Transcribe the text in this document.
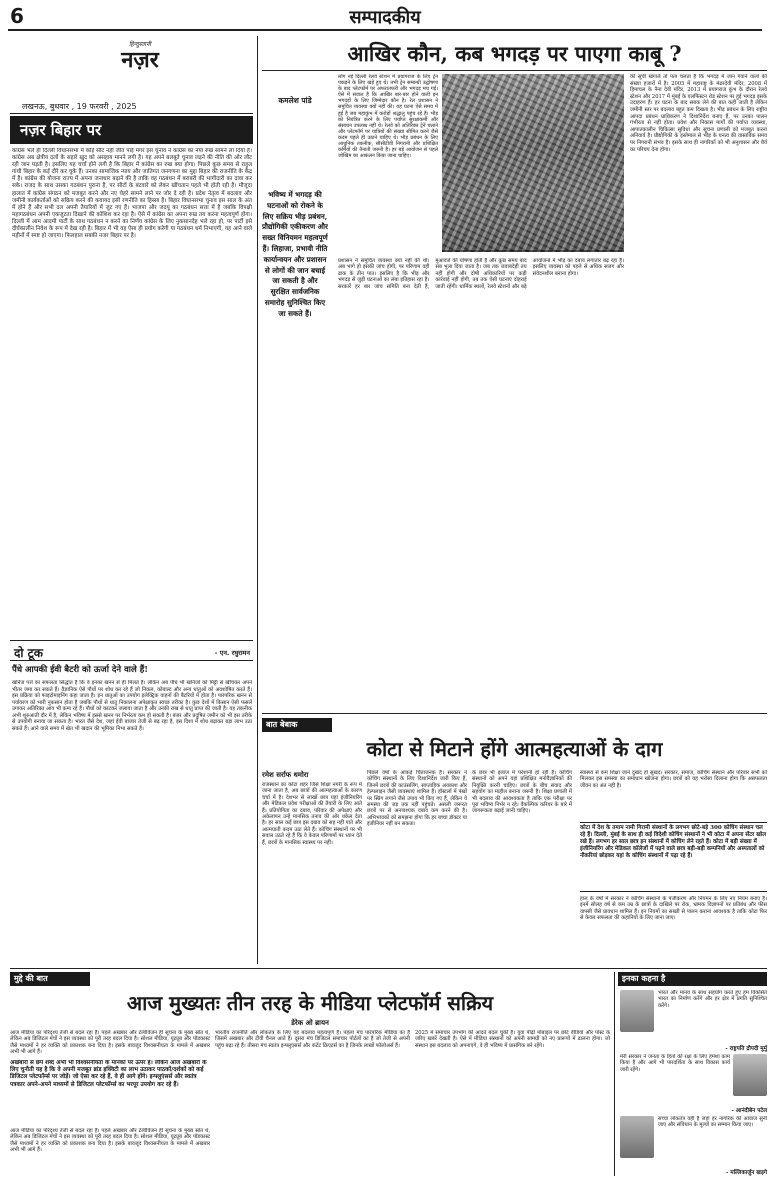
6	सम्पादकीय
हिन्दुस्तानी
नज़र
लखनऊ, बुधवार , 19 फरवरी , 2025
नज़र बिहार पर
कांग्रेस भले ही दिल्ली विधानसभा में कोई सीट नहीं जीत पाई मगर इस चुनाव ने कांग्रेस का नया रुख सामने ला दिया है। कांग्रेस अब क्षेत्रीय दलों के सहारे खुद को असहाय मानने लगी है। यह अपने बलबूते चुनाव लड़ने की नीति की ओर लौट रही जान पड़ती है। इसलिए यह चर्चा होने लगी है कि बिहार में कांग्रेस का रुख क्या होगा। पिछले कुछ समय से राहुल गांधी बिहार के कई दौरे कर चुके हैं। उनका सामाजिक न्याय और जातिगत जनगणना का मुद्दा बिहार की राजनीति के केंद्र में है। कांग्रेस की योजना राज्य में अपना जनाधार बढ़ाने की है ताकि वह गठबंधन में बराबरी की भागीदारी का दावा कर सके। राजद के साथ उसका गठबंधन पुराना है, पर सीटों के बंटवारे को लेकर खींचतान पहले भी होती रही है। मौजूदा हालात में कांग्रेस संगठन को मजबूत करने और नए चेहरे सामने लाने पर जोर दे रही है। प्रदेश नेतृत्व में बदलाव और जमीनी कार्यकर्ताओं को सक्रिय करने की कवायद इसी रणनीति का हिस्सा है। बिहार विधानसभा चुनाव इस साल के अंत में होने हैं और सभी दल अपनी तैयारियों में जुट गए हैं। भाजपा और जदयू का गठबंधन सत्ता में है जबकि विपक्षी महागठबंधन अपनी एकजुटता दिखाने की कोशिश कर रहा है। ऐसे में कांग्रेस का अपना रुख तय करना महत्वपूर्ण होगा। दिल्ली में आम आदमी पार्टी के साथ गठबंधन न करने का निर्णय कांग्रेस के लिए नुकसानदेह भले रहा हो, पर पार्टी इसे दीर्घकालीन निवेश के रूप में देख रही है। बिहार में भी वह ऐसा ही प्रयोग करेगी या गठबंधन धर्म निभाएगी, यह आने वाले महीनों में स्पष्ट हो जाएगा। फिलहाल सबकी नजर बिहार पर है।
आखिर कौन, कब भगदड़ पर पाएगा काबू ?
कमलेश पांडे
भविष्य में भगदड़ की घटनाओं को रोकने के लिए सक्रिय भीड़ प्रबंधन, प्रौद्योगिकी एकीकरण और सख्त विनियमन महत्वपूर्ण हैं। लिहाजा, प्रभावी नीति कार्यान्वयन और प्रशासन से लोगों की जान बचाई जा सकती है और सुरक्षित सार्वजनिक समारोह सुनिश्चित किए जा सकते हैं।
लोग नई दिल्ली रेलवे स्टेशन में प्रयागराज के लिए ट्रेन पकड़ने के लिए खड़े हुए थे। तभी ट्रेन सम्बन्धी उद्घोषणा के बाद प्लेटफॉर्म पर अफरातफरी और भगदड़ मच गई। ऐसे में सवाल है कि आखिर बार-बार होने वाली इन भगदड़ों के लिए जिम्मेदार कौन है। रेल प्रशासन ने समुचित व्यवस्था क्यों नहीं की। यह घटना ऐसे समय में हुई है जब महाकुंभ में करोड़ों श्रद्धालु पहुंच रहे हैं। भीड़ को नियंत्रित करने के लिए पर्याप्त सुरक्षाकर्मी और संसाधन उपलब्ध नहीं थे। रेलवे को अतिरिक्त ट्रेनें चलाने और प्लेटफॉर्म पर यात्रियों की संख्या सीमित करने जैसे कदम पहले ही उठाने चाहिए थे। भीड़ प्रबंधन के लिए आधुनिक तकनीक, सीसीटीवी निगरानी और प्रशिक्षित कर्मियों की तैनाती जरूरी है। हर बड़े आयोजन से पहले जोखिम का आकलन किया जाना चाहिए।
प्रशासन ने समुचित व्यवस्था क्यों नहीं की थी। अब भागे हो इसकी जांच होगी, पर परिणाम वही ढाक के तीन पात। इसलिए है कि भीड़ और भगदड़ से जुड़ी घटनाओं का लंबा इतिहास रहा है। सरकारें हर बार जांच समिति बना देती हैं, मुआवजे की घोषणा होती है और कुछ समय बाद सब भुला दिया जाता है। जब तक जवाबदेही तय नहीं होगी और दोषी अधिकारियों पर कड़ी कार्रवाई नहीं होगी, तब तक ऐसी घटनाएं दोहराई जाती रहेंगी। धार्मिक स्थलों, रेलवे स्टेशनों और बड़े आयोजनों में भीड़ का दबाव लगातार बढ़ रहा है। इसलिए व्यवस्था को पहले से अधिक सजग और संवेदनशील बनाना होगा।
की सूची खंगालें तो पता चलता है कि भगदड़ में जान गंवाने वालों की संख्या हजारों में है। 2005 में महाराष्ट्र के मंढरदेवी मंदिर, 2008 में हिमाचल के नैना देवी मंदिर, 2013 में प्रयागराज कुंभ के दौरान रेलवे स्टेशन और 2017 में मुंबई के एलफिंस्टन रोड स्टेशन पर हुई भगदड़ इसके उदाहरण हैं। हर घटना के बाद सबक लेने की बात कही जाती है लेकिन जमीनी स्तर पर बदलाव बहुत कम दिखता है। भीड़ प्रबंधन के लिए राष्ट्रीय आपदा प्रबंधन प्राधिकरण ने दिशानिर्देश बनाए हैं, पर उनका पालन गंभीरता से नहीं होता। प्रवेश और निकास मार्गों की पर्याप्त व्यवस्था, आपातकालीन चिकित्सा सुविधा और सूचना प्रणाली को मजबूत करना अनिवार्य है। प्रौद्योगिकी के इस्तेमाल से भीड़ के घनत्व की वास्तविक समय पर निगरानी संभव है। इसके साथ ही नागरिकों को भी अनुशासन और धैर्य का परिचय देना होगा।
दो टूक	- एन. रघुरामन
पैंधे आपकी ईवी बैटरी को ऊर्जा देने वाले हैं!
खनिज पत्ते का सफलता सिद्धांत है कि वे इनका खनन से ही मिलते हैं। लेकिन अब पौधे भी खनिजों को मिट्टी से खींचकर अपने भीतर जमा कर सकते हैं। वैज्ञानिक ऐसे पौधों पर शोध कर रहे हैं जो निकल, कोबाल्ट और अन्य धातुओं को अवशोषित करते हैं। इस प्रक्रिया को फाइटोमाइनिंग कहा जाता है। इन धातुओं का उपयोग इलेक्ट्रिक वाहनों की बैटरियों में होता है। पारंपरिक खनन से पर्यावरण को भारी नुकसान होता है जबकि पौधों से धातु निकालना अपेक्षाकृत स्वच्छ तरीका है। कुछ देशों में किसान ऐसी फसलें उगाकर अतिरिक्त आय भी कमा रहे हैं। पौधों को काटकर जलाया जाता है और उनकी राख से धातु प्राप्त की जाती है। यह तकनीक अभी शुरुआती दौर में है, लेकिन भविष्य में इससे खनन पर निर्भरता कम हो सकती है। बंजर और प्रदूषित जमीन को भी इस तरीके से उपयोगी बनाया जा सकता है। भारत जैसे देश, जहां ईवी बाजार तेजी से बढ़ रहा है, इस दिशा में शोध बढ़ाकर बड़ा लाभ उठा सकते हैं। आने वाले समय में खेत भी खदान की भूमिका निभा सकते हैं।	बात बेबाक
कोटा से मिटाने होंगे आत्महत्याओं के दाग
रमेश सर्राफ धमोरा
राजस्थान का कोटा शहर जिसे शिक्षा नगरी के रूप में जाना जाता है, अब छात्रों की आत्महत्याओं के कारण चर्चा में है। देशभर से लाखों छात्र यहां इंजीनियरिंग और मेडिकल प्रवेश परीक्षाओं की तैयारी के लिए आते हैं। प्रतियोगिता का दबाव, परिवार की अपेक्षाएं और अकेलापन उन्हें मानसिक तनाव की ओर धकेल देता है। हर साल कई छात्र इस दबाव को सह नहीं पाते और आत्मघाती कदम उठा लेते हैं। कोचिंग संस्थानों पर भी सवाल उठते रहे हैं कि वे केवल परिणामों पर ध्यान देते हैं, छात्रों के मानसिक स्वास्थ्य पर नहीं।
पिछले वर्षों के आंकड़े चिंताजनक हैं। सरकार ने कोचिंग संस्थानों के लिए दिशानिर्देश जारी किए हैं, जिनमें छात्रों की काउंसलिंग, साप्ताहिक अवकाश और हेल्पलाइन जैसी व्यवस्थाएं शामिल हैं। हॉस्टलों में पंखों पर स्प्रिंग लगाने जैसे उपाय भी किए गए हैं, लेकिन ये समस्या की जड़ तक नहीं पहुंचते। असली जरूरत छात्रों पर से अनावश्यक दबाव कम करने की है। अभिभावकों को समझना होगा कि हर बच्चा डॉक्टर या इंजीनियर नहीं बन सकता।
के छात्र भी इलाज में परेशानी हो रही हैं। कोचिंग संस्थानों को अपने यहां प्रशिक्षित मनोवैज्ञानिकों की नियुक्ति करनी चाहिए। छात्रों के बीच संवाद और सहयोग का माहौल बनाना जरूरी है। शिक्षा प्रणाली में भी बदलाव की आवश्यकता है ताकि एक परीक्षा पर पूरा भविष्य निर्भर न रहे। वैकल्पिक करियर के बारे में जागरूकता बढ़ाई जानी चाहिए।
स्वास्थ्य से कम शिक्षा जाने दुखद हो सुखद। सरकार, समाज, कोचिंग संस्थान और परिवार सभी को मिलकर इस समस्या का समाधान खोजना होगा। छात्रों को यह भरोसा दिलाना होगा कि असफलता जीवन का अंत नहीं है।
कोटा में देश के तमाम नामी गिरामी संस्थानों के लगभग छोटे-बड़े 300 कोचिंग संस्थान चल रहे हैं। दिल्ली, मुंबई के साथ ही कई विदेशी कोचिंग संस्थानों ने भी कोटा में अपना सेंटर खोल रखे हैं। लगभग हर साल छात्र इन संस्थानों में कोचिंग लेने रहते हैं। कोटा में बड़ी संख्या में इंजीनियरिंग और मेडिकल कॉलेजों में पढ़ने वाले छात्र बड़ी-बड़ी कम्पनियों और अस्पतालों को नौकरियां छोड़कर यहां के कोचिंग संस्थानों में पढ़ा रहे हैं।
हाल के वर्षों में सरकार ने कोचिंग संस्थानों के पंजीकरण और नियमन के लिए नए नियम बनाए हैं। इनमें सोलह वर्ष से कम उम्र के छात्रों के दाखिले पर रोक, भ्रामक विज्ञापनों पर प्रतिबंध और फीस वापसी जैसे प्रावधान शामिल हैं। इन नियमों का सख्ती से पालन कराना आवश्यक है ताकि कोटा फिर से केवल सफलता की कहानियों के लिए जाना जाए।
मुद्दे की बात
आज मुख्यतः तीन तरह के मीडिया प्लेटफॉर्म सक्रिय
डेरेक ओ ब्रायन
अखबारों से छपे शब्द अभी भी विश्वसनीयता के मानकों पर ऊपर हैं। लेकिन आज अखबारों के लिए चुनौती यह है कि वे अपनी मजबूत ब्रांड इक्विटी का लाभ उठाकर पाठकों/दर्शकों को कई डिजिटल प्लेटफॉर्म्स पर जोड़ें। जो ऐसा कर रहे हैं, वे ही आगे होंगे। इन्फ्लुएंसर्स और स्वतंत्र पत्रकार अपने-अपने माध्यमों से डिजिटल प्लेटफॉर्म्स का भरपूर उपयोग कर रहे हैं।
आज मीडिया का परिदृश्य तेजी से बदल रहा है। पहले अखबार और टेलीविजन ही सूचना के मुख्य स्रोत थे, लेकिन अब डिजिटल मंचों ने इस व्यवस्था को पूरी तरह बदल दिया है। सोशल मीडिया, यूट्यूब और पॉडकास्ट जैसे माध्यमों ने हर व्यक्ति को प्रकाशक बना दिया है। इसके बावजूद विश्वसनीयता के मामले में अखबार अभी भी आगे हैं।
आज मीडिया का परिदृश्य तेजी से बदल रहा है। पहले अखबार और टेलीविजन ही सूचना के मुख्य स्रोत थे, लेकिन अब डिजिटल मंचों ने इस व्यवस्था को पूरी तरह बदल दिया है। सोशल मीडिया, यूट्यूब और पॉडकास्ट जैसे माध्यमों ने हर व्यक्ति को प्रकाशक बना दिया है। इसके बावजूद विश्वसनीयता के मामले में अखबार अभी भी आगे हैं।
भारतीय राजनीति और लोकतंत्र के लिए यह बदलाव महत्वपूर्ण है। पहला मंच पारंपरिक मीडिया का है जिसमें अखबार और टीवी चैनल आते हैं। दूसरा मंच डिजिटल समाचार पोर्टलों का है जो तेजी से अपनी पहुंच बढ़ा रहे हैं। तीसरा मंच स्वतंत्र इन्फ्लुएंसर्स और कंटेंट क्रिएटर्स का है जिनके लाखों फॉलोअर्स हैं।
2025 में समाचार उपभोग की आदतें बदल चुकी हैं। युवा पीढ़ी मोबाइल पर छोटे वीडियो और पोस्ट के जरिए खबरें देखती है। ऐसे में मीडिया संस्थानों को अपनी सामग्री को नए प्रारूपों में ढालना होगा। जो संस्थान इस बदलाव को अपनाएंगे, वे ही भविष्य में प्रासंगिक बने रहेंगे।
इनका कहना है
भारत और मानव के साथ सहयोग करते हुए हम विकसित भारत का निर्माण करेंगे और हर क्षेत्र में प्रगति सुनिश्चित करेंगे।
- राष्ट्रपति द्रौपदी मुर्मु
मेरी सरकार ने जनता के हितों की रक्षा के लिए हमेशा काम किया है और आगे भी पारदर्शिता के साथ विकास कार्य जारी रहेंगे।
- आनंदीबेन पटेल
सच्चा लोकतंत्र वही है जहां हर नागरिक की आवाज सुनी जाए और संविधान के मूल्यों का सम्मान किया जाए।
- मल्लिकार्जुन खड़गे
